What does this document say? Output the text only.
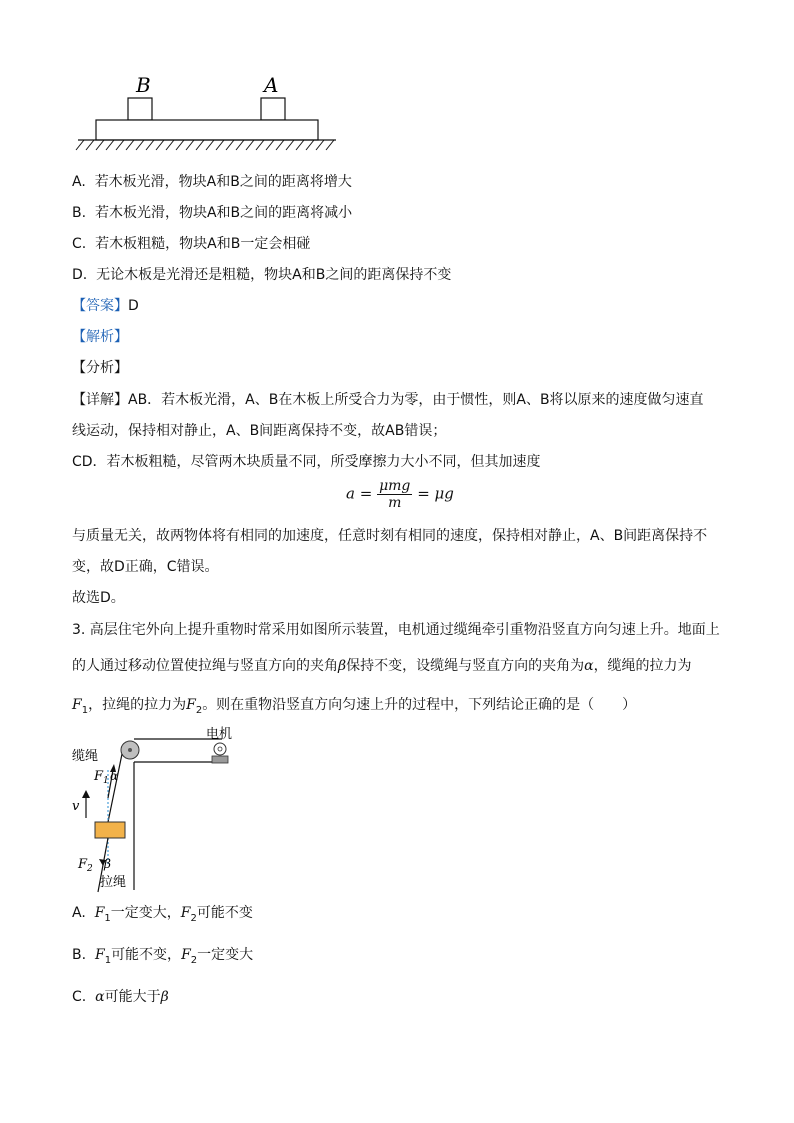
B	A
A. 若木板光滑，物块A和B之间的距离将增大
B. 若木板光滑，物块A和B之间的距离将减小
C. 若木板粗糙，物块A和B一定会相碰
D. 无论木板是光滑还是粗糙，物块A和B之间的距离保持不变
【答案】D
【解析】
【分析】
【详解】AB．若木板光滑，A、B在木板上所受合力为零，由于惯性，则A、B将以原来的速度做匀速直
线运动，保持相对静止，A、B间距离保持不变，故AB错误；
CD．若木板粗糙，尽管两木块质量不同，所受摩擦力大小不同，但其加速度
$a = \frac{\text{μmg}}{m} = \mu g$
与质量无关，故两物体将有相同的加速度，任意时刻有相同的速度，保持相对静止，A、B间距离保持不
变，故D正确，C错误。
故选D。
3. 高层住宅外向上提升重物时常采用如图所示装置，电机通过缆绳牵引重物沿竖直方向匀速上升。地面上
的人通过移动位置使拉绳与竖直方向的夹角β保持不变，设缆绳与竖直方向的夹角为α，缆绳的拉力为
$F_1$，拉绳的拉力为$F_2$。则在重物沿竖直方向匀速上升的过程中，下列结论正确的是（　　）
电机
缆绳
$F_1$ α
v
$F_2$ β
拉绳
A. $F_1$一定变大，$F_2$可能不变
B. $F_1$可能不变，$F_2$一定变大
C. α可能大于β
